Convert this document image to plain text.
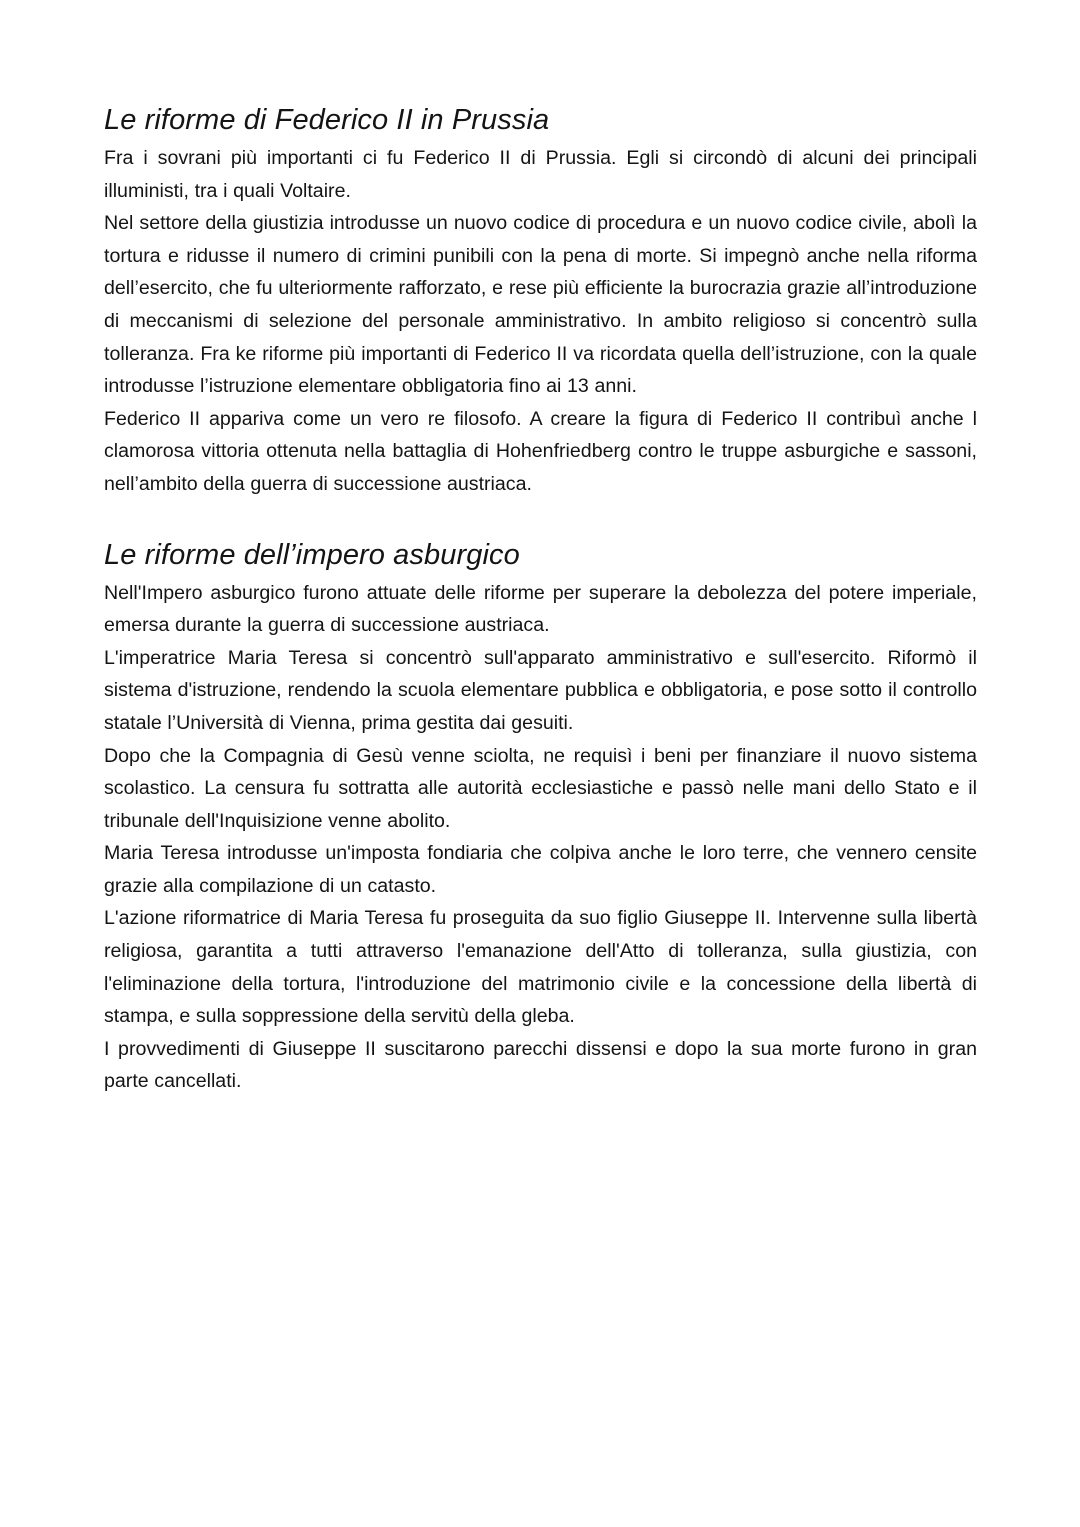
Le riforme di Federico II in Prussia

Fra i sovrani più importanti ci fu Federico II di Prussia. Egli si circondò di alcuni dei principali illuministi, tra i quali Voltaire.

Nel settore della giustizia introdusse un nuovo codice di procedura e un nuovo codice civile, abolì la tortura e ridusse il numero di crimini punibili con la pena di morte. Si impegnò anche nella riforma dell’esercito, che fu ulteriormente rafforzato, e rese più efficiente la burocrazia grazie all’introduzione di meccanismi di selezione del personale amministrativo. In ambito religioso si concentrò sulla tolleranza. Fra ke riforme più importanti di Federico II va ricordata quella dell’istruzione, con la quale introdusse l’istruzione elementare obbligatoria fino ai 13 anni.

Federico II appariva come un vero re filosofo. A creare la figura di Federico II contribuì anche l clamorosa vittoria ottenuta nella battaglia di Hohenfriedberg contro le truppe asburgiche e sassoni, nell’ambito della guerra di successione austriaca.

Le riforme dell’impero asburgico

Nell'Impero asburgico furono attuate delle riforme per superare la debolezza del potere imperiale, emersa durante la guerra di successione austriaca.

L'imperatrice Maria Teresa si concentrò sull'apparato amministrativo e sull'esercito. Riformò il sistema d'istruzione, rendendo la scuola elementare pubblica e obbligatoria, e pose sotto il controllo statale l’Università di Vienna, prima gestita dai gesuiti.

Dopo che la Compagnia di Gesù venne sciolta, ne requisì i beni per finanziare il nuovo sistema scolastico. La censura fu sottratta alle autorità ecclesiastiche e passò nelle mani dello Stato e il tribunale dell'Inquisizione venne abolito.

Maria Teresa introdusse un'imposta fondiaria che colpiva anche le loro terre, che vennero censite grazie alla compilazione di un catasto.

L'azione riformatrice di Maria Teresa fu proseguita da suo figlio Giuseppe II. Intervenne sulla libertà religiosa, garantita a tutti attraverso l'emanazione dell'Atto di tolleranza, sulla giustizia, con l'eliminazione della tortura, l'introduzione del matrimonio civile e la concessione della libertà di stampa, e sulla soppressione della servitù della gleba.

I provvedimenti di Giuseppe II suscitarono parecchi dissensi e dopo la sua morte furono in gran parte cancellati.
